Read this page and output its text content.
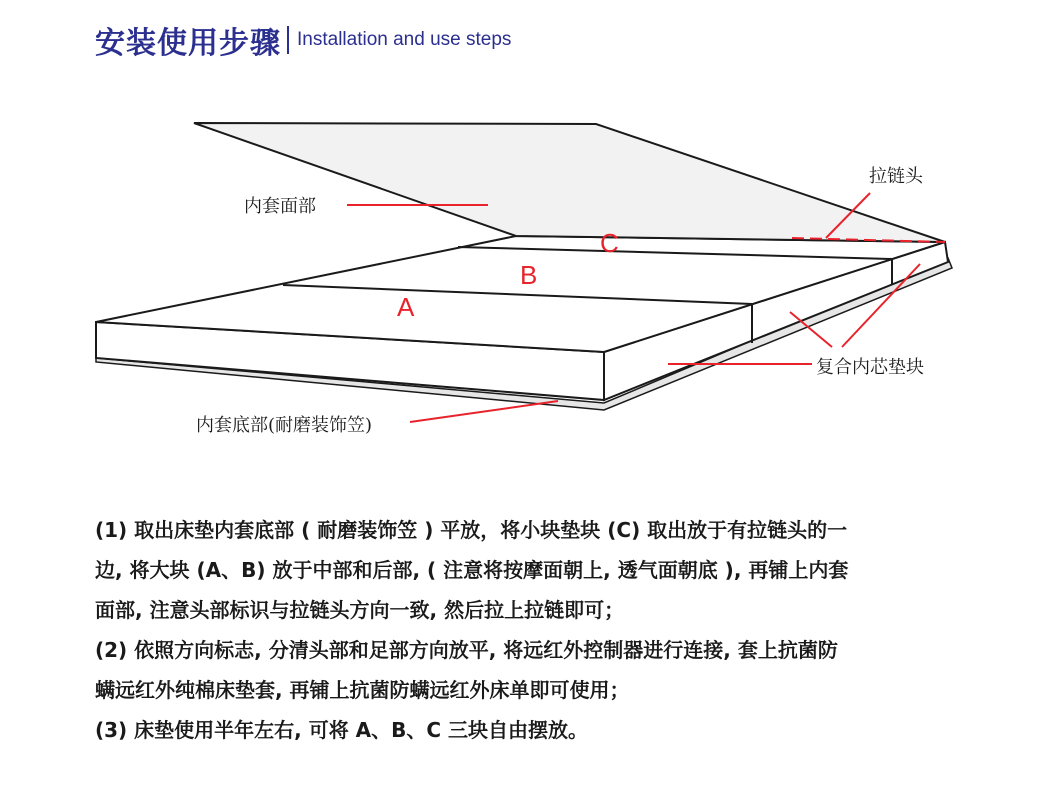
安装使用步骤 Installation and use steps
内套面部
拉链头
复合内芯垫块
内套底部(耐磨装饰笠)
A
B
C

(1) 取出床垫内套底部 ( 耐磨装饰笠 ) 平放，将小块垫块 (C) 取出放于有拉链头的一

边, 将大块 (A、B) 放于中部和后部, ( 注意将按摩面朝上, 透气面朝底 ), 再铺上内套

面部, 注意头部标识与拉链头方向一致, 然后拉上拉链即可；

(2) 依照方向标志, 分清头部和足部方向放平, 将远红外控制器进行连接, 套上抗菌防

螨远红外纯棉床垫套, 再铺上抗菌防螨远红外床单即可使用；

(3) 床垫使用半年左右, 可将 A、B、C 三块自由摆放。
